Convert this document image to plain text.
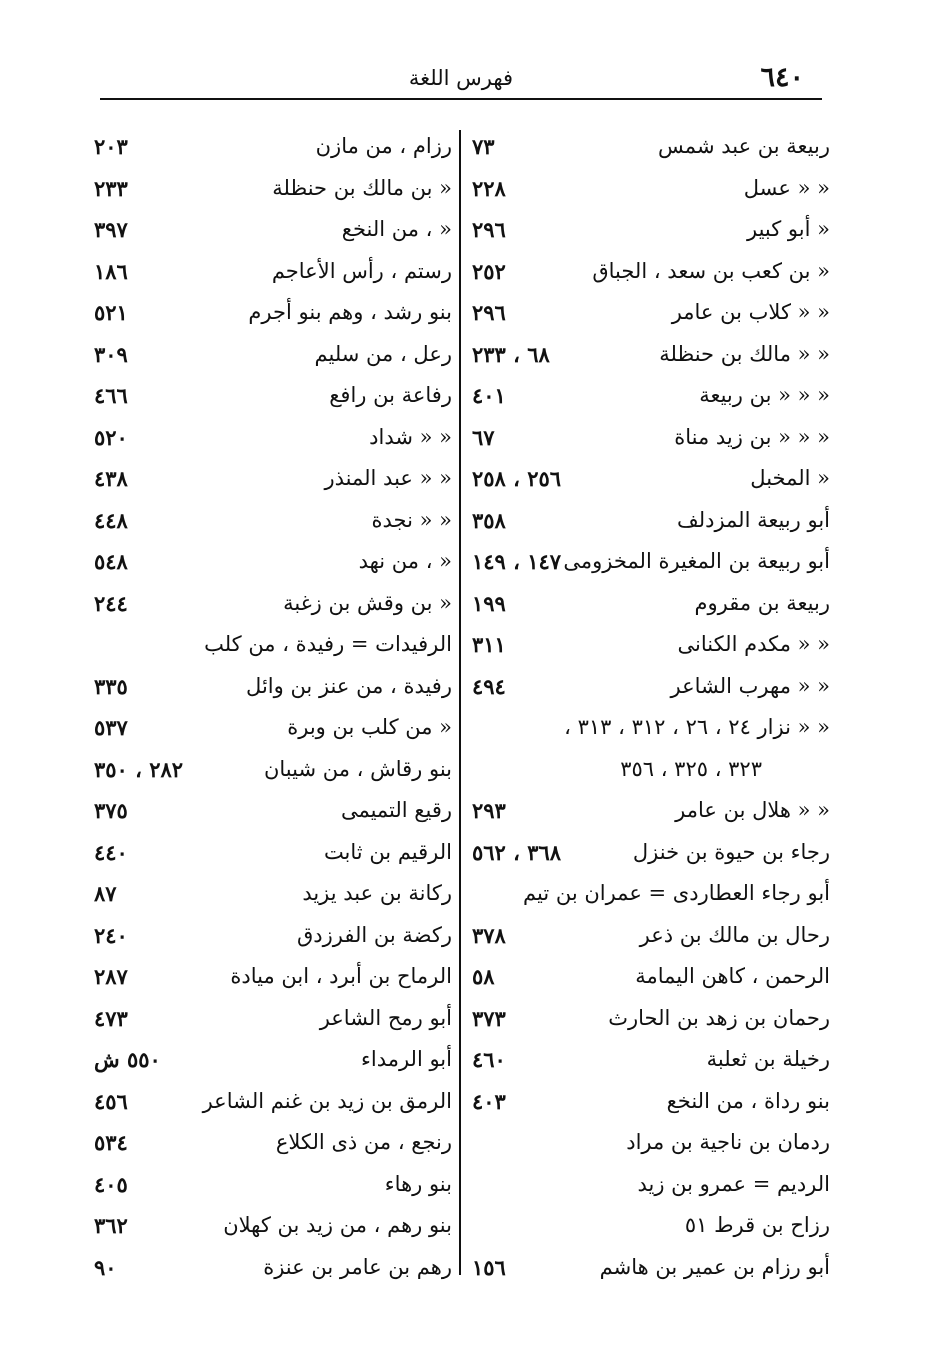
٦٤٠
فهرس اللغة
ربيعة بن عبد شمس
٧٣
« « عسل
٢٢٨
« أبو كبير
٢٩٦
« بن كعب بن سعد ، الجباق
٢٥٢
« « كلاب بن عامر
٢٩٦
« « مالك بن حنظلة
٦٨ ، ٢٣٣
« « « بن ربيعة
٤٠١
« « « بن زيد مناة
٦٧
« المخبل
٢٥٦ ، ٢٥٨
أبو ربيعة المزدلف
٣٥٨
أبو ربيعة بن المغيرة المخزومى
١٤٧ ، ١٤٩
ربيعة بن مقروم
١٩٩
« « مكدم الكنانى
٣١١
« « مهرب الشاعر
٤٩٤
« « نزار ٢٤ ، ٢٦ ، ٣١٢ ، ٣١٣ ،
٣٢٣ ، ٣٢٥ ، ٣٥٦
« « هلال بن عامر
٢٩٣
رجاء بن حيوة بن خنزل
٣٦٨ ، ٥٦٢
أبو رجاء العطاردى = عمران بن تيم
رحال بن مالك بن ذعر
٣٧٨
الرحمن ، كاهن اليمامة
٥٨
رحمان بن زهد بن الحارث
٣٧٣
رخيلة بن ثعلبة
٤٦٠
بنو رداة ، من النخع
٤٠٣
ردمان بن ناجية بن مراد
الرديم = عمرو بن زيد
رزاح بن قرط ٥١
أبو رزام بن عمير بن هاشم
١٥٦
رزام ، من مازن
٢٠٣
« بن مالك بن حنظلة
٢٣٣
« ، من النخع
٣٩٧
رستم ، رأس الأعاجم
١٨٦
بنو رشد ، وهم بنو أجرم
٥٢١
رعل ، من سليم
٣٠٩
رفاعة بن رافع
٤٦٦
« « شداد
٥٢٠
« « عبد المنذر
٤٣٨
« « نجدة
٤٤٨
« ، من نهد
٥٤٨
« بن وقش بن زغبة
٢٤٤
الرفيدات = رفيدة ، من كلب
رفيدة ، من عنز بن وائل
٣٣٥
« من كلب بن وبرة
٥٣٧
بنو رقاش ، من شيبان
٢٨٢ ، ٣٥٠
رقيع التميمى
٣٧٥
الرقيم بن ثابت
٤٤٠
ركانة بن عبد يزيد
٨٧
ركضة بن الفرزدق
٢٤٠
الرماح بن أبرد ، ابن ميادة
٢٨٧
أبو رمح الشاعر
٤٧٣
أبو الرمداء
٥٥٠ ش
الرمق بن زيد بن غنم الشاعر
٤٥٦
رنجع ، من ذى الكلاع
٥٣٤
بنو رهاء
٤٠٥
بنو رهم ، من زيد بن كهلان
٣٦٢
رهم بن عامر بن عنزة
٩٠
